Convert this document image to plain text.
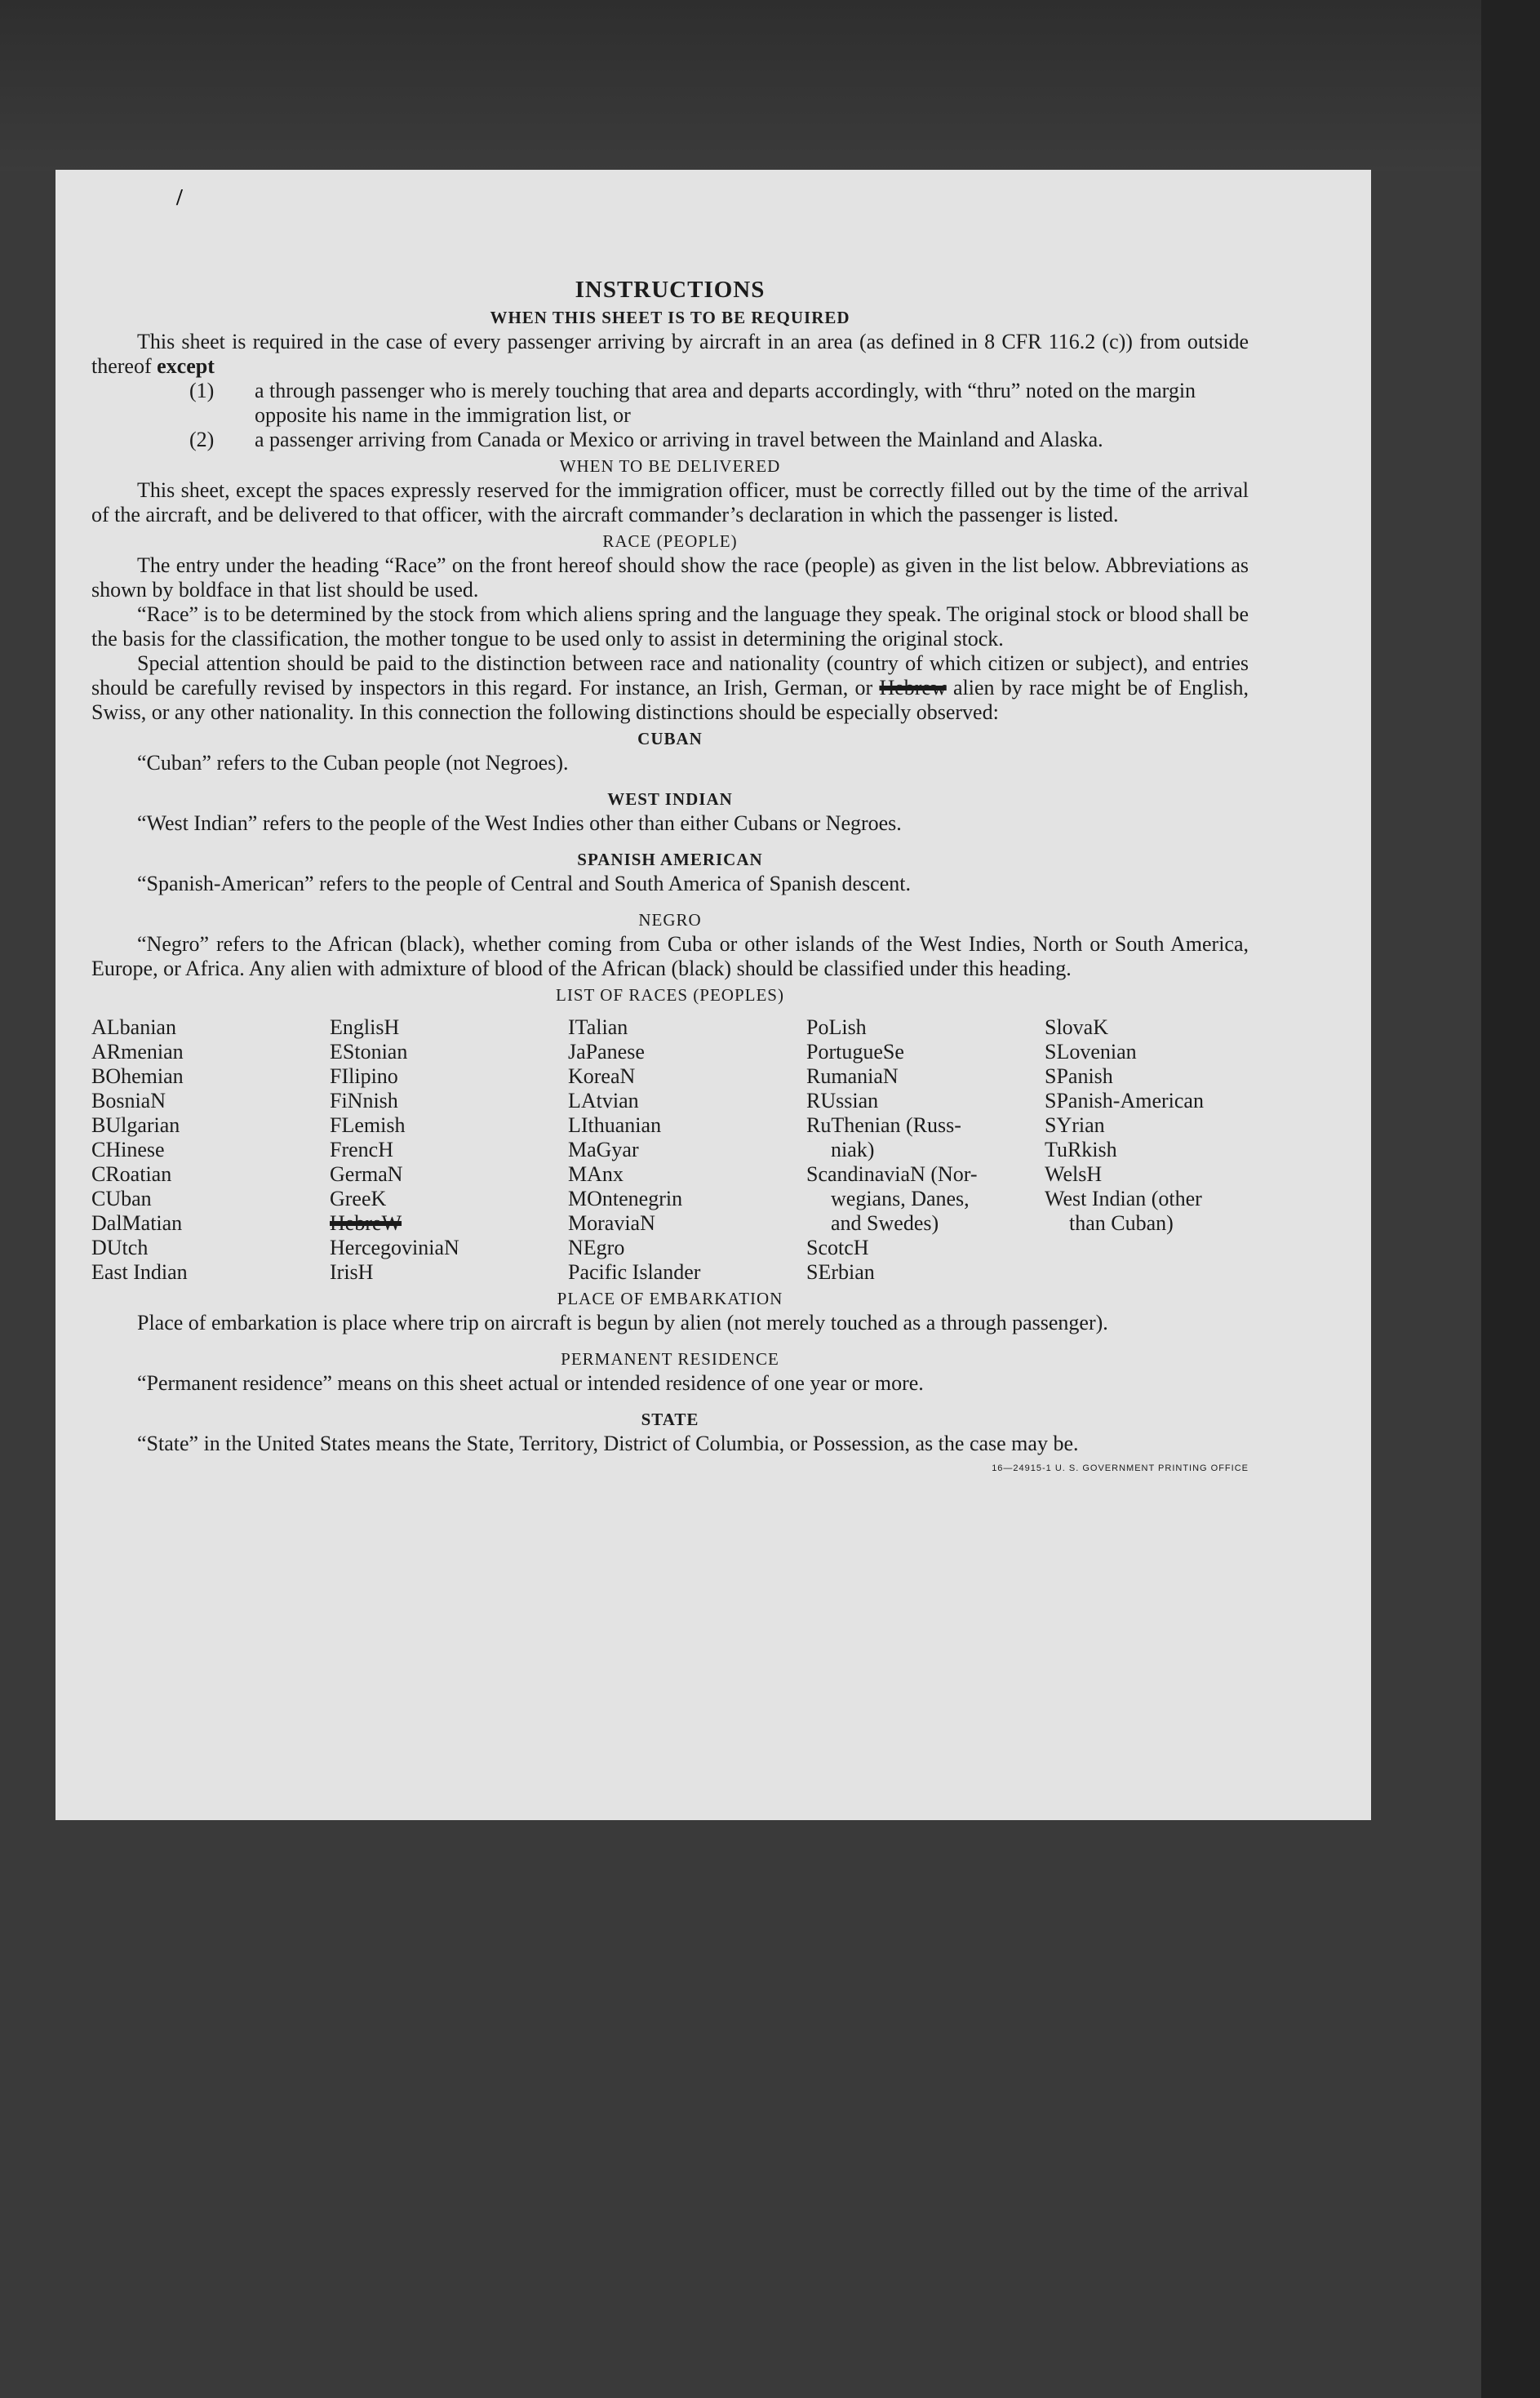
/
INSTRUCTIONS
WHEN THIS SHEET IS TO BE REQUIRED

This sheet is required in the case of every passenger arriving by aircraft in an area (as defined in 8 CFR 116.2 (c)) from outside thereof except

(1) a through passenger who is merely touching that area and departs accordingly, with “thru” noted on the margin opposite his name in the immigration list, or
(2) a passenger arriving from Canada or Mexico or arriving in travel between the Mainland and Alaska.
WHEN TO BE DELIVERED

This sheet, except the spaces expressly reserved for the immigration officer, must be correctly filled out by the time of the arrival of the aircraft, and be delivered to that officer, with the aircraft commander’s declaration in which the passenger is listed.

RACE (PEOPLE)

The entry under the heading “Race” on the front hereof should show the race (people) as given in the list below. Abbreviations as shown by boldface in that list should be used.

“Race” is to be determined by the stock from which aliens spring and the language they speak. The original stock or blood shall be the basis for the classification, the mother tongue to be used only to assist in determining the original stock.

Special attention should be paid to the distinction between race and nationality (country of which citizen or subject), and entries should be carefully revised by inspectors in this regard. For instance, an Irish, German, or Hebrew alien by race might be of English, Swiss, or any other nationality. In this connection the following distinctions should be especially observed:

CUBAN

“Cuban” refers to the Cuban people (not Negroes).

WEST INDIAN

“West Indian” refers to the people of the West Indies other than either Cubans or Negroes.

SPANISH AMERICAN

“Spanish-American” refers to the people of Central and South America of Spanish descent.

NEGRO

“Negro” refers to the African (black), whether coming from Cuba or other islands of the West Indies, North or South America, Europe, or Africa. Any alien with admixture of blood of the African (black) should be classified under this heading.

LIST OF RACES (PEOPLES)
ALbanian
ARmenian
BOhemian
BosniaN
BUlgarian
CHinese
CRoatian
CUban
DalMatian
DUtch
East Indian
EnglisH
EStonian
FIlipino
FiNnish
FLemish
FrencH
GermaN
GreeK
HebreW
HercegoviniaN
IrisH
ITalian
JaPanese
KoreaN
LAtvian
LIthuanian
MaGyar
MAnx
MOntenegrin
MoraviaN
NEgro
Pacific Islander
PoLish
PortugueSe
RumaniaN
RUssian
RuThenian (Russ-
niak)
ScandinaviaN (Nor-
wegians, Danes,
and Swedes)
ScotcH
SErbian
SlovaK
SLovenian
SPanish
SPanish-American
SYrian
TuRkish
WelsH
West Indian (other
than Cuban)
PLACE OF EMBARKATION

Place of embarkation is place where trip on aircraft is begun by alien (not merely touched as a through passenger).

PERMANENT RESIDENCE

“Permanent residence” means on this sheet actual or intended residence of one year or more.

STATE

“State” in the United States means the State, Territory, District of Columbia, or Possession, as the case may be.

16—24915-1 U. S. GOVERNMENT PRINTING OFFICE
